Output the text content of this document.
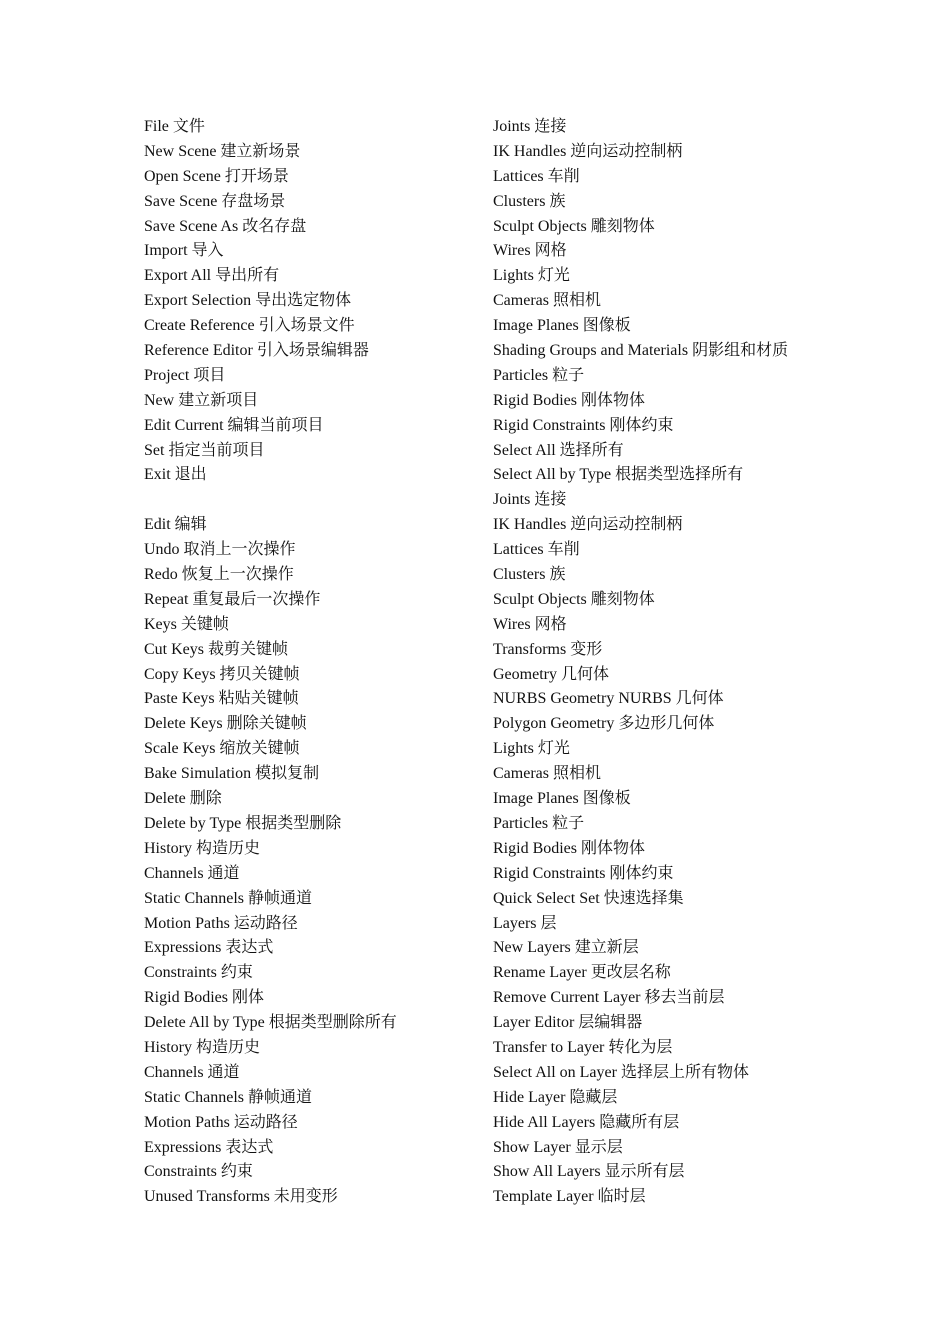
File 文件
New Scene 建立新场景
Open Scene 打开场景
Save Scene 存盘场景
Save Scene As 改名存盘
Import 导入
Export All 导出所有
Export Selection 导出选定物体
Create Reference 引入场景文件
Reference Editor 引入场景编辑器
Project 项目
New 建立新项目
Edit Current 编辑当前项目
Set 指定当前项目
Exit 退出
Edit 编辑
Undo 取消上一次操作
Redo 恢复上一次操作
Repeat 重复最后一次操作
Keys 关键帧
Cut Keys 裁剪关键帧
Copy Keys 拷贝关键帧
Paste Keys 粘贴关键帧
Delete Keys 删除关键帧
Scale Keys 缩放关键帧
Bake Simulation 模拟复制
Delete 删除
Delete by Type 根据类型删除
History 构造历史
Channels 通道
Static Channels 静帧通道
Motion Paths 运动路径
Expressions 表达式
Constraints 约束
Rigid Bodies 刚体
Delete All by Type 根据类型删除所有
History 构造历史
Channels 通道
Static Channels 静帧通道
Motion Paths 运动路径
Expressions 表达式
Constraints 约束
Unused Transforms 未用变形
Joints 连接
IK Handles 逆向运动控制柄
Lattices 车削
Clusters 族
Sculpt Objects 雕刻物体
Wires 网格
Lights 灯光
Cameras 照相机
Image Planes 图像板
Shading Groups and Materials 阴影组和材质
Particles 粒子
Rigid Bodies 刚体物体
Rigid Constraints 刚体约束
Select All 选择所有
Select All by Type 根据类型选择所有
Joints 连接
IK Handles 逆向运动控制柄
Lattices 车削
Clusters 族
Sculpt Objects 雕刻物体
Wires 网格
Transforms 变形
Geometry 几何体
NURBS Geometry NURBS 几何体
Polygon Geometry 多边形几何体
Lights 灯光
Cameras 照相机
Image Planes 图像板
Particles 粒子
Rigid Bodies 刚体物体
Rigid Constraints 刚体约束
Quick Select Set 快速选择集
Layers 层
New Layers 建立新层
Rename Layer 更改层名称
Remove Current Layer 移去当前层
Layer Editor 层编辑器
Transfer to Layer 转化为层
Select All on Layer 选择层上所有物体
Hide Layer 隐藏层
Hide All Layers 隐藏所有层
Show Layer 显示层
Show All Layers 显示所有层
Template Layer 临时层
